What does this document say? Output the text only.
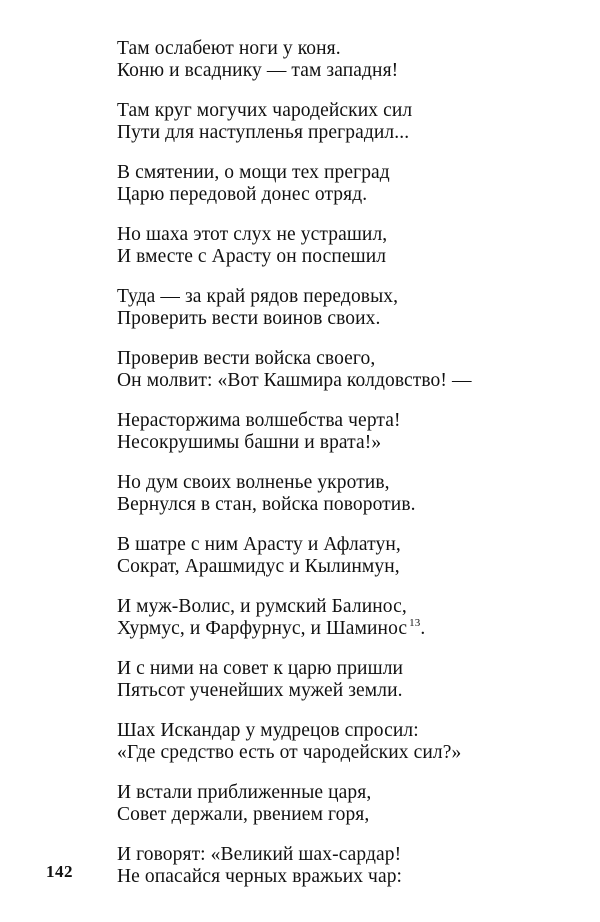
Там ослабеют ноги у коня.
Коню и всаднику — там западня!
Там круг могучих чародейских сил
Пути для наступленья преградил...
В смятении, о мощи тех преград
Царю передовой донес отряд.
Но шаха этот слух не устрашил,
И вместе с Арасту он поспешил
Туда — за край рядов передовых,
Проверить вести воинов своих.
Проверив вести войска своего,
Он молвит: «Вот Кашмира колдовство! —
Нерасторжима волшебства черта!
Несокрушимы башни и врата!»
Но дум своих волненье укротив,
Вернулся в стан, войска поворотив.
В шатре с ним Арасту и Афлатун,
Сократ, Арашмидус и Кылинмун,
И муж-Волис, и румский Балинос,
Хурмус, и Фарфурнус, и Шаминос $^{13}$.
И с ними на совет к царю пришли
Пятьсот ученейших мужей земли.
Шах Искандар у мудрецов спросил:
«Где средство есть от чародейских сил?»
И встали приближенные царя,
Совет держали, рвением горя,
И говорят: «Великий шах-сардар!
Не опасайся черных вражьих чар:
142
